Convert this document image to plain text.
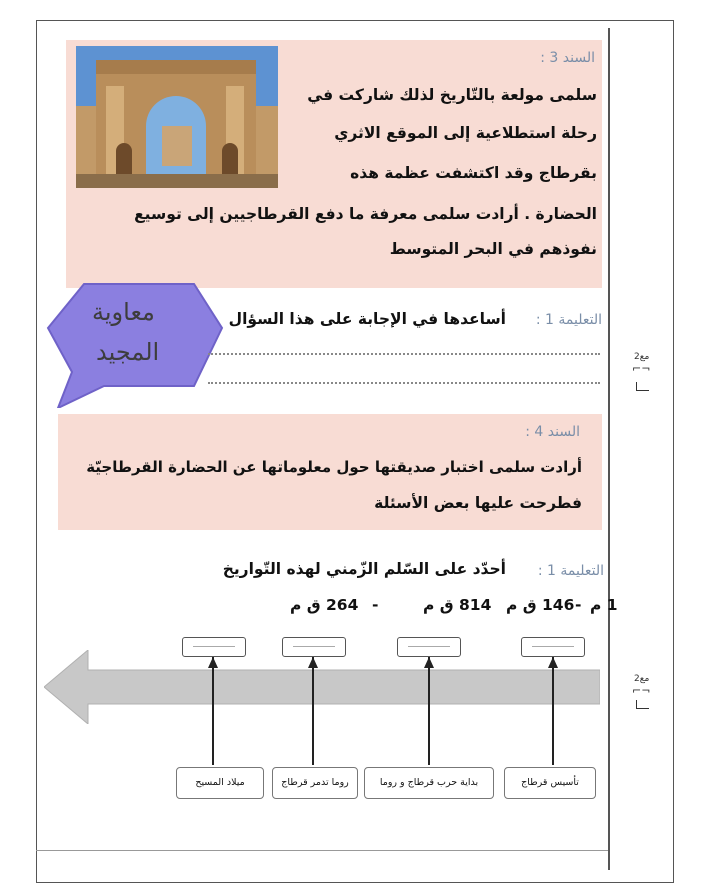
السند 3 :
سلمى مولعة بالتّاريخ لذلك شاركت في
رحلة استطلاعية إلى الموقع الاثري
بقرطاج وقد اكتشفت عظمة هذه
الحضارة . أرادت سلمى معرفة ما دفع القرطاجيين إلى توسيع
نفوذهم في البحر المتوسط
معاوية
المجيد
التعليمة 1 :
أساعدها في الإجابة على هذا السؤال
مع2
⌐¬
السند 4 :
أرادت سلمى اختبار صديقتها حول معلوماتها عن الحضارة القرطاجيّة
فطرحت عليها بعض الأسئلة
التعليمة 1 :
أحدّد على السّلم الزّمني لهذه التّواريخ
1 م
-
146 ق م
814 ق م
-
264 ق م
تأسيس قرطاج
بداية حرب قرطاج و روما
روما تدمر قرطاج
ميلاد المسيح
مع2
⌐¬
